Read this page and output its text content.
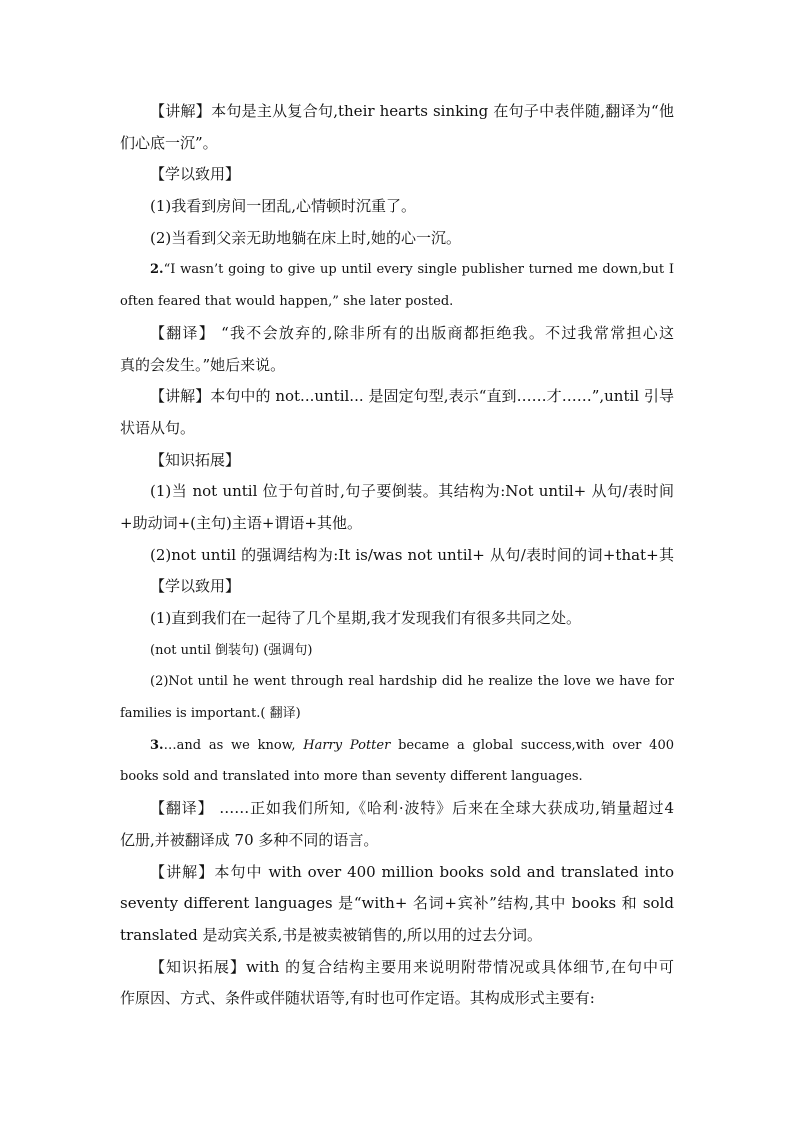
【讲解】本句是主从复合句,their hearts sinking 在句子中表伴随,翻译为“他
们心底一沉”。
【学以致用】
(1)我看到房间一团乱,心情顿时沉重了。
(2)当看到父亲无助地躺在床上时,她的心一沉。
2.“I wasn’t going to give up until every single publisher turned me down,but I
often feared that would happen,” she later posted.
【翻译】 “我不会放弃的,除非所有的出版商都拒绝我。不过我常常担心这
真的会发生。”她后来说。
【讲解】本句中的 not...until... 是固定句型,表示“直到……才……”,until 引导
状语从句。
【知识拓展】
(1)当 not until 位于句首时,句子要倒装。其结构为:Not until+ 从句/表时间
+助动词+(主句)主语+谓语+其他。
(2)not until 的强调结构为:It is/was not until+ 从句/表时间的词+that+其
【学以致用】
(1)直到我们在一起待了几个星期,我才发现我们有很多共同之处。
(not until 倒装句) (强调句)
(2)Not until he went through real hardship did he realize the love we have for
families is important.( 翻译)
3.…and as we know, Harry Potter became a global success,with over 400
books sold and translated into more than seventy different languages.
【翻译】 ……正如我们所知,《哈利·波特》后来在全球大获成功,销量超过4
亿册,并被翻译成 70 多种不同的语言。
【讲解】本句中 with over 400 million books sold and translated into
seventy different languages 是“with+ 名词+宾补”结构,其中 books 和 sold
translated 是动宾关系,书是被卖被销售的,所以用的过去分词。
【知识拓展】with 的复合结构主要用来说明附带情况或具体细节,在句中可
作原因、方式、条件或伴随状语等,有时也可作定语。其构成形式主要有:
